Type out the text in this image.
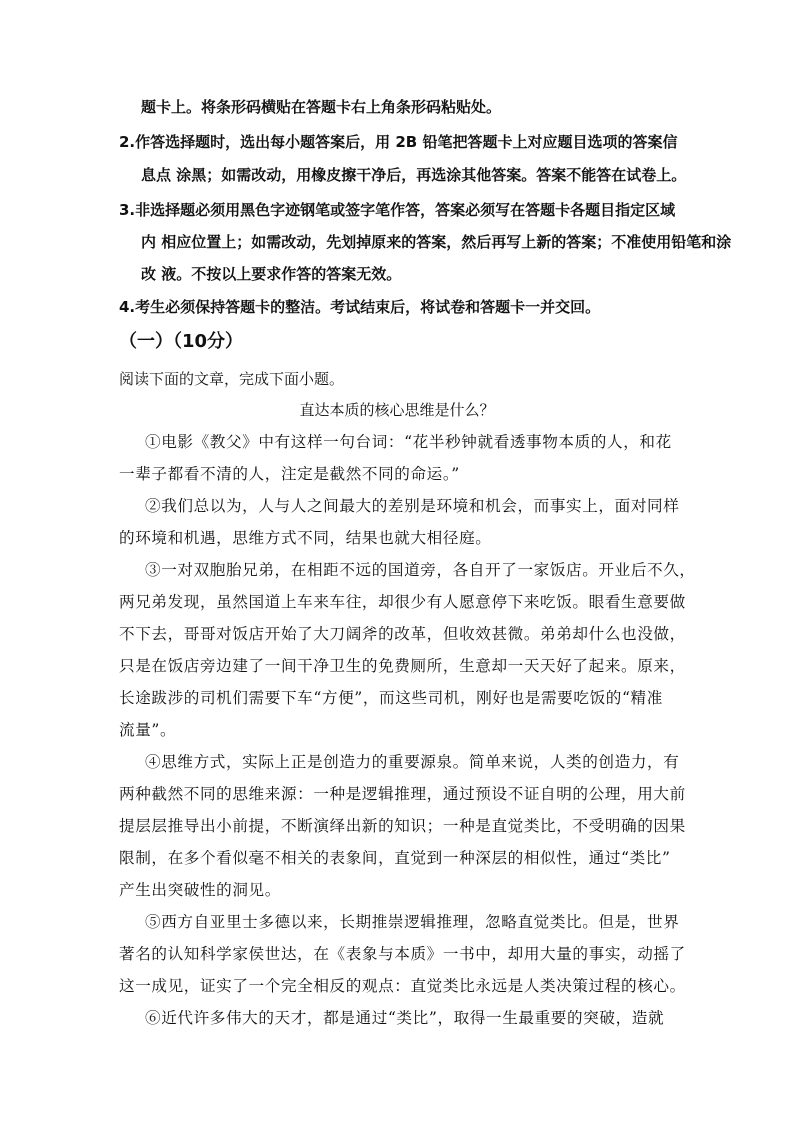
题卡上。将条形码横贴在答题卡右上角条形码粘贴处。
2.作答选择题时，选出每小题答案后，用 2B 铅笔把答题卡上对应题目选项的答案信
息点 涂黑；如需改动，用橡皮擦干净后，再选涂其他答案。答案不能答在试卷上。
3.非选择题必须用黑色字迹钢笔或签字笔作答，答案必须写在答题卡各题目指定区域
内 相应位置上；如需改动，先划掉原来的答案，然后再写上新的答案；不准使用铅笔和涂
改 液。不按以上要求作答的答案无效。
4.考生必须保持答题卡的整洁。考试结束后，将试卷和答题卡一并交回。
（一）（10分）
阅读下面的文章，完成下面小题。
直达本质的核心思维是什么？
①电影《教父》中有这样一句台词：“花半秒钟就看透事物本质的人，和花
一辈子都看不清的人，注定是截然不同的命运。”
②我们总以为，人与人之间最大的差别是环境和机会，而事实上，面对同样
的环境和机遇，思维方式不同，结果也就大相径庭。
③一对双胞胎兄弟，在相距不远的国道旁，各自开了一家饭店。开业后不久，
两兄弟发现，虽然国道上车来车往，却很少有人愿意停下来吃饭。眼看生意要做
不下去，哥哥对饭店开始了大刀阔斧的改革，但收效甚微。弟弟却什么也没做，
只是在饭店旁边建了一间干净卫生的免费厕所，生意却一天天好了起来。原来，
长途跋涉的司机们需要下车“方便”，而这些司机，刚好也是需要吃饭的“精准
流量”。
④思维方式，实际上正是创造力的重要源泉。简单来说，人类的创造力，有
两种截然不同的思维来源：一种是逻辑推理，通过预设不证自明的公理，用大前
提层层推导出小前提，不断演绎出新的知识；一种是直觉类比，不受明确的因果
限制，在多个看似毫不相关的表象间，直觉到一种深层的相似性，通过“类比”
产生出突破性的洞见。
⑤西方自亚里士多德以来，长期推崇逻辑推理，忽略直觉类比。但是，世界
著名的认知科学家侯世达，在《表象与本质》一书中，却用大量的事实，动摇了
这一成见，证实了一个完全相反的观点：直觉类比永远是人类决策过程的核心。
⑥近代许多伟大的天才，都是通过“类比”，取得一生最重要的突破，造就
